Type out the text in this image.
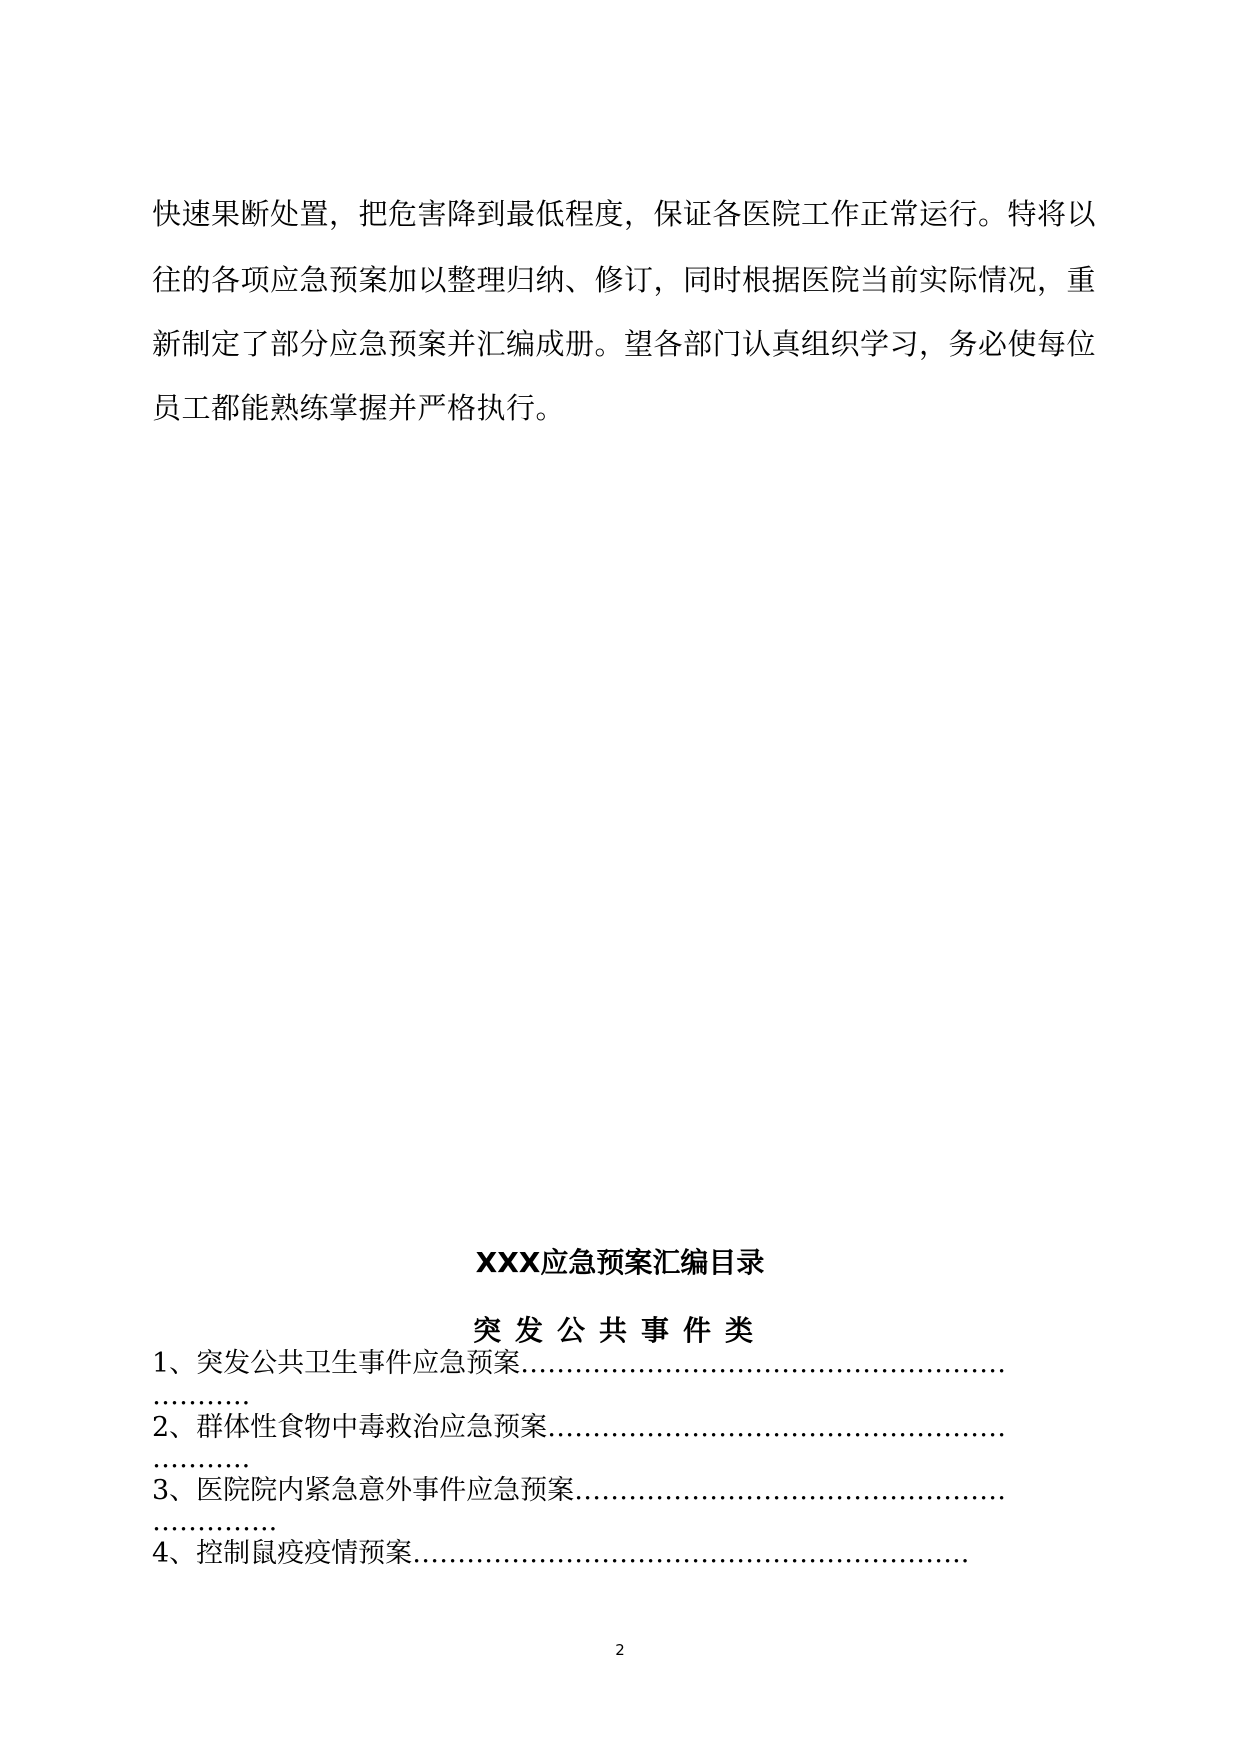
快速果断处置，把危害降到最低程度，保证各医院工作正常运行。特将以
往的各项应急预案加以整理归纳、修订，同时根据医院当前实际情况，重
新制定了部分应急预案并汇编成册。望各部门认真组织学习，务必使每位
员工都能熟练掌握并严格执行。
XXX应急预案汇编目录
突发公共事件类
1、突发公共卫生事件应急预案………………………………………………
………..
2、群体性食物中毒救治应急预案……………………………………………
………..
3、医院院内紧急意外事件应急预案…………………………………………
…………..
4、控制鼠疫疫情预案……………………………………………………..
2
